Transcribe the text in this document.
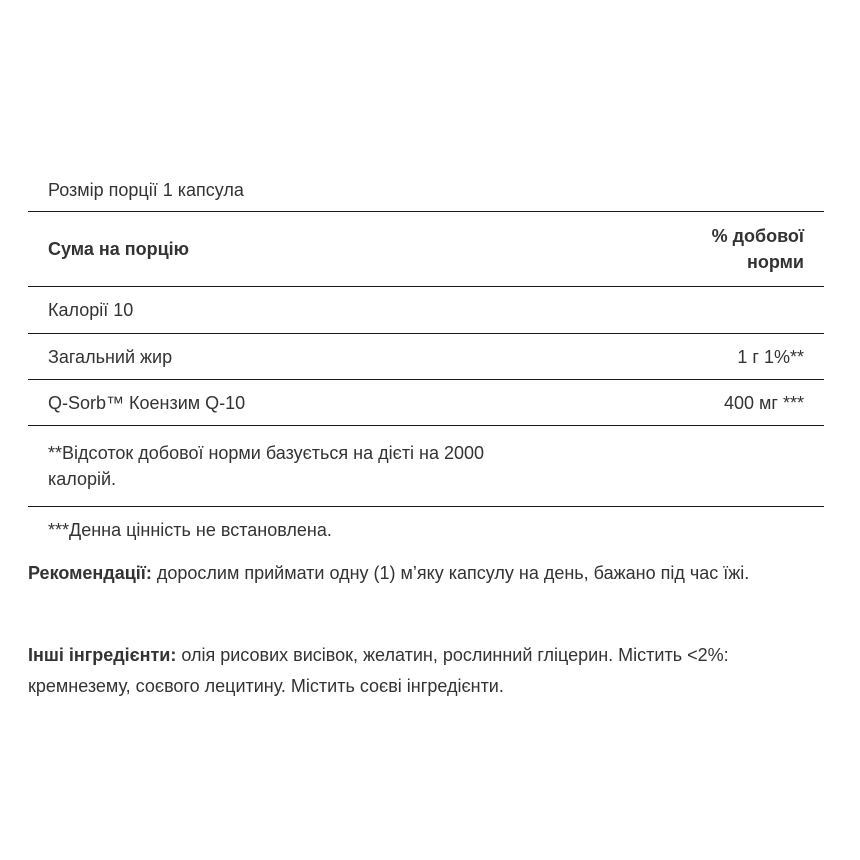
Розмір порції 1 капсула	
Сума на порцію	% добової
норми

Калорії 10	
Загальний жир	1 г 1%**
Q-Sorb™ Коензим Q-10	400 мг ***

**Відсоток добової норми базується на дієті на 2000
калорій.	

***Денна цінність не встановлена.	
Рекомендації: дорослим приймати одну (1) м’яку капсулу на день, бажано під час їжі.
Інші інгредієнти: олія рисових висівок, желатин, рослинний гліцерин. Містить <2%: кремнезему, соєвого лецитину. Містить соєві інгредієнти.
